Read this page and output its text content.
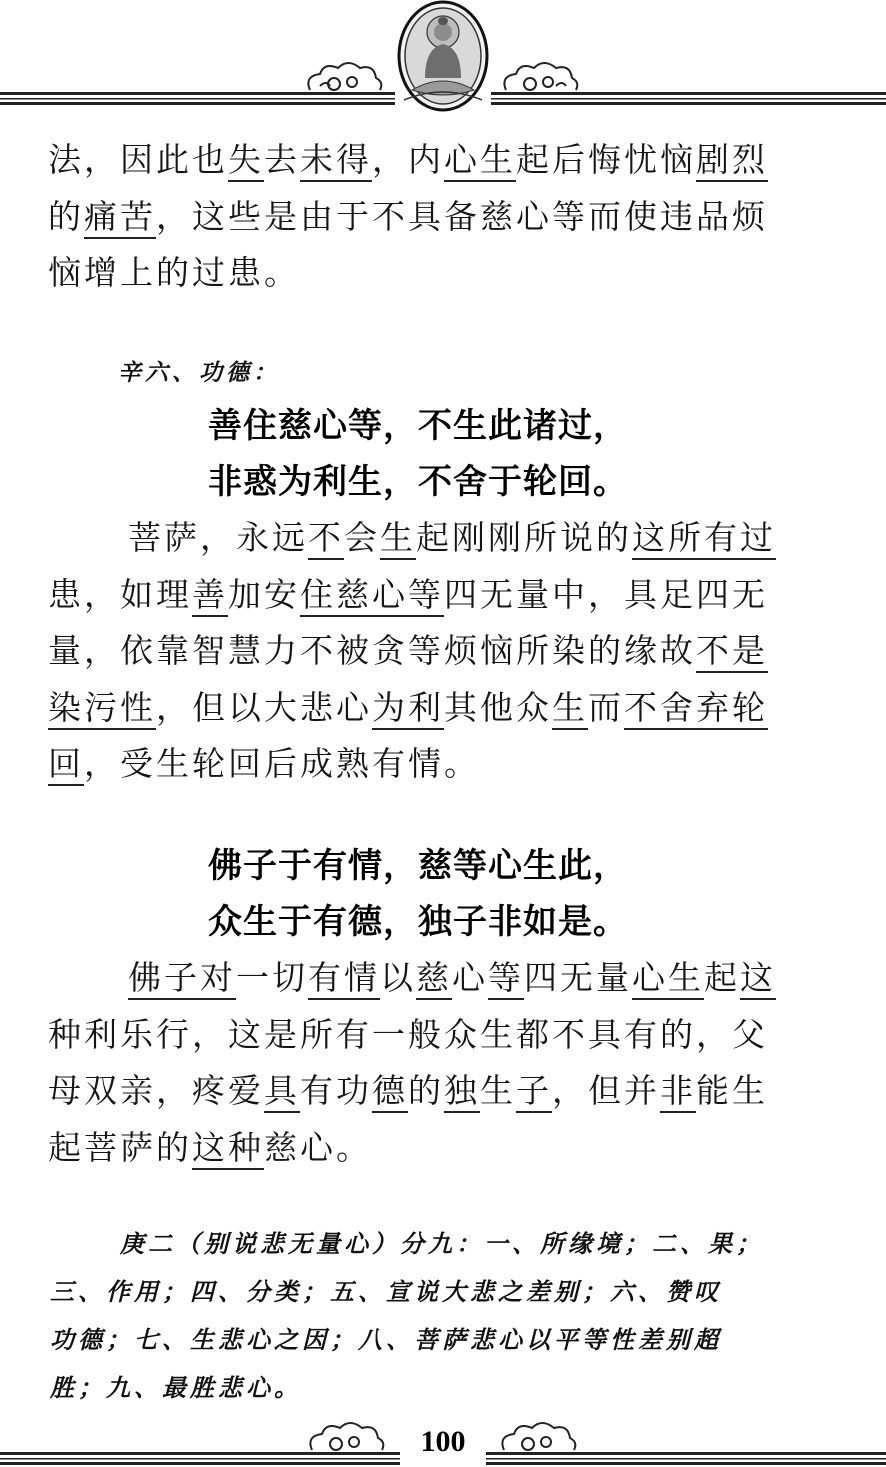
法，因此也失去未得，内心生起后悔忧恼剧烈
的痛苦，这些是由于不具备慈心等而使违品烦
恼增上的过患。
辛六、功德：
善住慈心等，不生此诸过，
非惑为利生，不舍于轮回。
菩萨，永远不会生起刚刚所说的这所有过
患，如理善加安住慈心等四无量中，具足四无
量，依靠智慧力不被贪等烦恼所染的缘故不是
染污性，但以大悲心为利其他众生而不舍弃轮
回，受生轮回后成熟有情。
佛子于有情，慈等心生此，
众生于有德，独子非如是。
佛子对一切有情以慈心等四无量心生起这
种利乐行，这是所有一般众生都不具有的，父
母双亲，疼爱具有功德的独生子，但并非能生
起菩萨的这种慈心。
庚二（别说悲无量心）分九：一、所缘境；二、果；
三、作用；四、分类；五、宣说大悲之差别；六、赞叹
功德；七、生悲心之因；八、菩萨悲心以平等性差别超
胜；九、最胜悲心。
100
